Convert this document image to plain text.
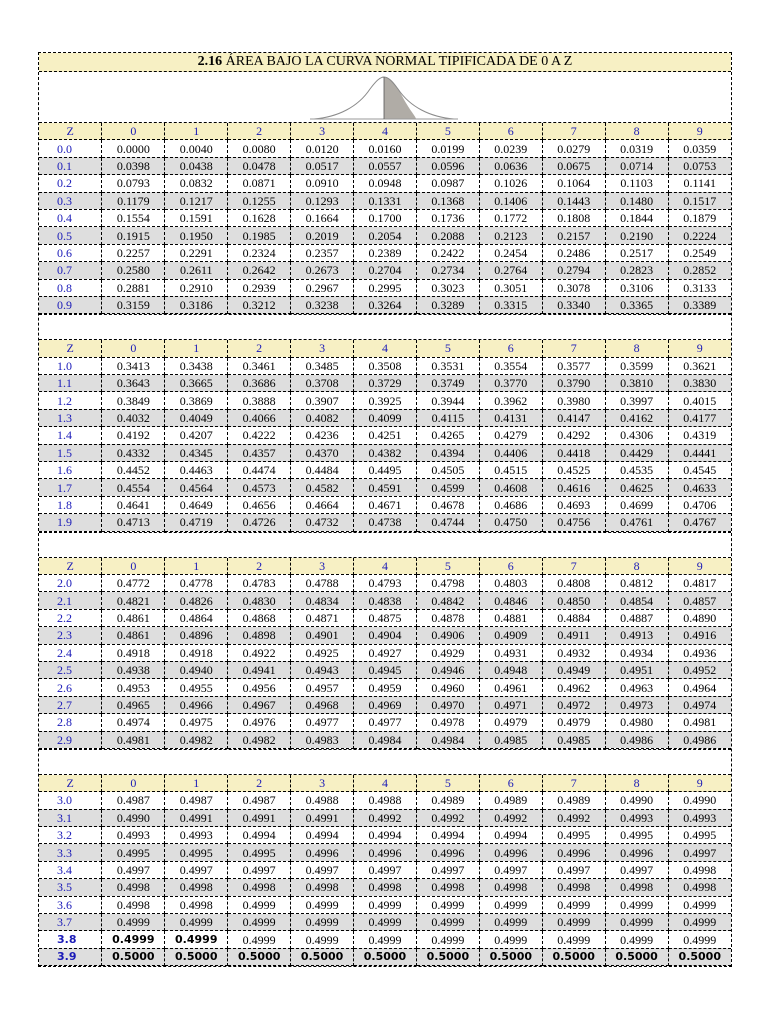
2.16 ÁREA BAJO LA CURVA NORMAL TIPIFICADA DE 0 A Z
Z	0	1	2	3	4	5	6	7	8	9
0.0	0.0000	0.0040	0.0080	0.0120	0.0160	0.0199	0.0239	0.0279	0.0319	0.0359
0.1	0.0398	0.0438	0.0478	0.0517	0.0557	0.0596	0.0636	0.0675	0.0714	0.0753
0.2	0.0793	0.0832	0.0871	0.0910	0.0948	0.0987	0.1026	0.1064	0.1103	0.1141
0.3	0.1179	0.1217	0.1255	0.1293	0.1331	0.1368	0.1406	0.1443	0.1480	0.1517
0.4	0.1554	0.1591	0.1628	0.1664	0.1700	0.1736	0.1772	0.1808	0.1844	0.1879
0.5	0.1915	0.1950	0.1985	0.2019	0.2054	0.2088	0.2123	0.2157	0.2190	0.2224
0.6	0.2257	0.2291	0.2324	0.2357	0.2389	0.2422	0.2454	0.2486	0.2517	0.2549
0.7	0.2580	0.2611	0.2642	0.2673	0.2704	0.2734	0.2764	0.2794	0.2823	0.2852
0.8	0.2881	0.2910	0.2939	0.2967	0.2995	0.3023	0.3051	0.3078	0.3106	0.3133
0.9	0.3159	0.3186	0.3212	0.3238	0.3264	0.3289	0.3315	0.3340	0.3365	0.3389
Z	0	1	2	3	4	5	6	7	8	9
1.0	0.3413	0.3438	0.3461	0.3485	0.3508	0.3531	0.3554	0.3577	0.3599	0.3621
1.1	0.3643	0.3665	0.3686	0.3708	0.3729	0.3749	0.3770	0.3790	0.3810	0.3830
1.2	0.3849	0.3869	0.3888	0.3907	0.3925	0.3944	0.3962	0.3980	0.3997	0.4015
1.3	0.4032	0.4049	0.4066	0.4082	0.4099	0.4115	0.4131	0.4147	0.4162	0.4177
1.4	0.4192	0.4207	0.4222	0.4236	0.4251	0.4265	0.4279	0.4292	0.4306	0.4319
1.5	0.4332	0.4345	0.4357	0.4370	0.4382	0.4394	0.4406	0.4418	0.4429	0.4441
1.6	0.4452	0.4463	0.4474	0.4484	0.4495	0.4505	0.4515	0.4525	0.4535	0.4545
1.7	0.4554	0.4564	0.4573	0.4582	0.4591	0.4599	0.4608	0.4616	0.4625	0.4633
1.8	0.4641	0.4649	0.4656	0.4664	0.4671	0.4678	0.4686	0.4693	0.4699	0.4706
1.9	0.4713	0.4719	0.4726	0.4732	0.4738	0.4744	0.4750	0.4756	0.4761	0.4767
Z	0	1	2	3	4	5	6	7	8	9
2.0	0.4772	0.4778	0.4783	0.4788	0.4793	0.4798	0.4803	0.4808	0.4812	0.4817
2.1	0.4821	0.4826	0.4830	0.4834	0.4838	0.4842	0.4846	0.4850	0.4854	0.4857
2.2	0.4861	0.4864	0.4868	0.4871	0.4875	0.4878	0.4881	0.4884	0.4887	0.4890
2.3	0.4861	0.4896	0.4898	0.4901	0.4904	0.4906	0.4909	0.4911	0.4913	0.4916
2.4	0.4918	0.4918	0.4922	0.4925	0.4927	0.4929	0.4931	0.4932	0.4934	0.4936
2.5	0.4938	0.4940	0.4941	0.4943	0.4945	0.4946	0.4948	0.4949	0.4951	0.4952
2.6	0.4953	0.4955	0.4956	0.4957	0.4959	0.4960	0.4961	0.4962	0.4963	0.4964
2.7	0.4965	0.4966	0.4967	0.4968	0.4969	0.4970	0.4971	0.4972	0.4973	0.4974
2.8	0.4974	0.4975	0.4976	0.4977	0.4977	0.4978	0.4979	0.4979	0.4980	0.4981
2.9	0.4981	0.4982	0.4982	0.4983	0.4984	0.4984	0.4985	0.4985	0.4986	0.4986
Z	0	1	2	3	4	5	6	7	8	9
3.0	0.4987	0.4987	0.4987	0.4988	0.4988	0.4989	0.4989	0.4989	0.4990	0.4990
3.1	0.4990	0.4991	0.4991	0.4991	0.4992	0.4992	0.4992	0.4992	0.4993	0.4993
3.2	0.4993	0.4993	0.4994	0.4994	0.4994	0.4994	0.4994	0.4995	0.4995	0.4995
3.3	0.4995	0.4995	0.4995	0.4996	0.4996	0.4996	0.4996	0.4996	0.4996	0.4997
3.4	0.4997	0.4997	0.4997	0.4997	0.4997	0.4997	0.4997	0.4997	0.4997	0.4998
3.5	0.4998	0.4998	0.4998	0.4998	0.4998	0.4998	0.4998	0.4998	0.4998	0.4998
3.6	0.4998	0.4998	0.4999	0.4999	0.4999	0.4999	0.4999	0.4999	0.4999	0.4999
3.7	0.4999	0.4999	0.4999	0.4999	0.4999	0.4999	0.4999	0.4999	0.4999	0.4999
3.8	0.4999	0.4999	0.4999	0.4999	0.4999	0.4999	0.4999	0.4999	0.4999	0.4999
3.9	0.5000	0.5000	0.5000	0.5000	0.5000	0.5000	0.5000	0.5000	0.5000	0.5000
